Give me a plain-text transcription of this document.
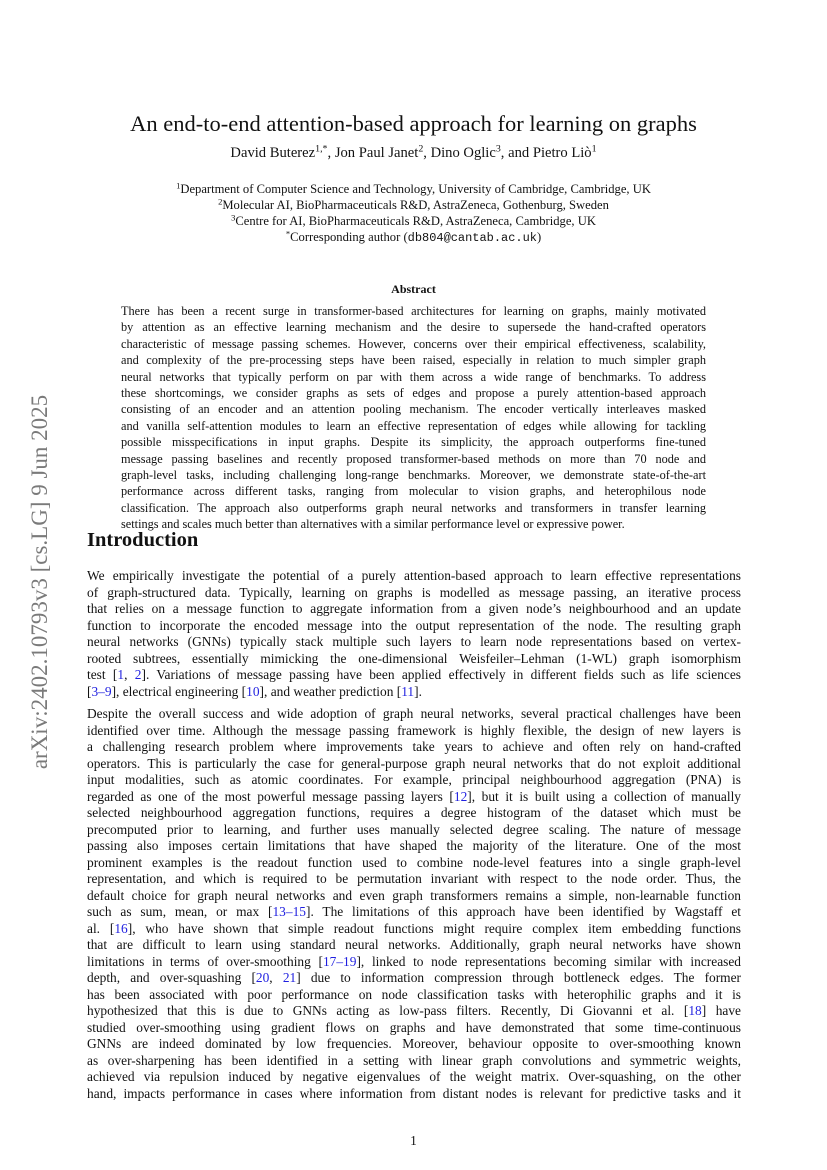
arXiv:2402.10793v3 [cs.LG] 9 Jun 2025
An end-to-end attention-based approach for learning on graphs
David Buterez$^{1,*}$, Jon Paul Janet$^2$, Dino Oglic$^3$, and Pietro Liò$^1$
$^1$Department of Computer Science and Technology, University of Cambridge, Cambridge, UK
$^2$Molecular AI, BioPharmaceuticals R&D, AstraZeneca, Gothenburg, Sweden
$^3$Centre for AI, BioPharmaceuticals R&D, AstraZeneca, Cambridge, UK
*Corresponding author (db804@cantab.ac.uk)
Abstract
There has been a recent surge in transformer-based architectures for learning on graphs, mainly motivated
by attention as an effective learning mechanism and the desire to supersede the hand-crafted operators
characteristic of message passing schemes. However, concerns over their empirical effectiveness, scalability,
and complexity of the pre-processing steps have been raised, especially in relation to much simpler graph
neural networks that typically perform on par with them across a wide range of benchmarks. To address
these shortcomings, we consider graphs as sets of edges and propose a purely attention-based approach
consisting of an encoder and an attention pooling mechanism. The encoder vertically interleaves masked
and vanilla self-attention modules to learn an effective representation of edges while allowing for tackling
possible misspecifications in input graphs. Despite its simplicity, the approach outperforms fine-tuned
message passing baselines and recently proposed transformer-based methods on more than 70 node and
graph-level tasks, including challenging long-range benchmarks. Moreover, we demonstrate state-of-the-art
performance across different tasks, ranging from molecular to vision graphs, and heterophilous node
classification. The approach also outperforms graph neural networks and transformers in transfer learning
settings and scales much better than alternatives with a similar performance level or expressive power.
Introduction
We empirically investigate the potential of a purely attention-based approach to learn effective representations
of graph-structured data. Typically, learning on graphs is modelled as message passing, an iterative process
that relies on a message function to aggregate information from a given node’s neighbourhood and an update
function to incorporate the encoded message into the output representation of the node. The resulting graph
neural networks (GNNs) typically stack multiple such layers to learn node representations based on vertex-
rooted subtrees, essentially mimicking the one-dimensional Weisfeiler–Lehman (1-WL) graph isomorphism
test [1, 2]. Variations of message passing have been applied effectively in different fields such as life sciences
[3–9], electrical engineering [10], and weather prediction [11].
Despite the overall success and wide adoption of graph neural networks, several practical challenges have been
identified over time. Although the message passing framework is highly flexible, the design of new layers is
a challenging research problem where improvements take years to achieve and often rely on hand-crafted
operators. This is particularly the case for general-purpose graph neural networks that do not exploit additional
input modalities, such as atomic coordinates. For example, principal neighbourhood aggregation (PNA) is
regarded as one of the most powerful message passing layers [12], but it is built using a collection of manually
selected neighbourhood aggregation functions, requires a degree histogram of the dataset which must be
precomputed prior to learning, and further uses manually selected degree scaling. The nature of message
passing also imposes certain limitations that have shaped the majority of the literature. One of the most
prominent examples is the readout function used to combine node-level features into a single graph-level
representation, and which is required to be permutation invariant with respect to the node order. Thus, the
default choice for graph neural networks and even graph transformers remains a simple, non-learnable function
such as sum, mean, or max [13–15]. The limitations of this approach have been identified by Wagstaff et
al. [16], who have shown that simple readout functions might require complex item embedding functions
that are difficult to learn using standard neural networks. Additionally, graph neural networks have shown
limitations in terms of over-smoothing [17–19], linked to node representations becoming similar with increased
depth, and over-squashing [20, 21] due to information compression through bottleneck edges. The former
has been associated with poor performance on node classification tasks with heterophilic graphs and it is
hypothesized that this is due to GNNs acting as low-pass filters. Recently, Di Giovanni et al. [18] have
studied over-smoothing using gradient flows on graphs and have demonstrated that some time-continuous
GNNs are indeed dominated by low frequencies. Moreover, behaviour opposite to over-smoothing known
as over-sharpening has been identified in a setting with linear graph convolutions and symmetric weights,
achieved via repulsion induced by negative eigenvalues of the weight matrix. Over-squashing, on the other
hand, impacts performance in cases where information from distant nodes is relevant for predictive tasks and it
1
